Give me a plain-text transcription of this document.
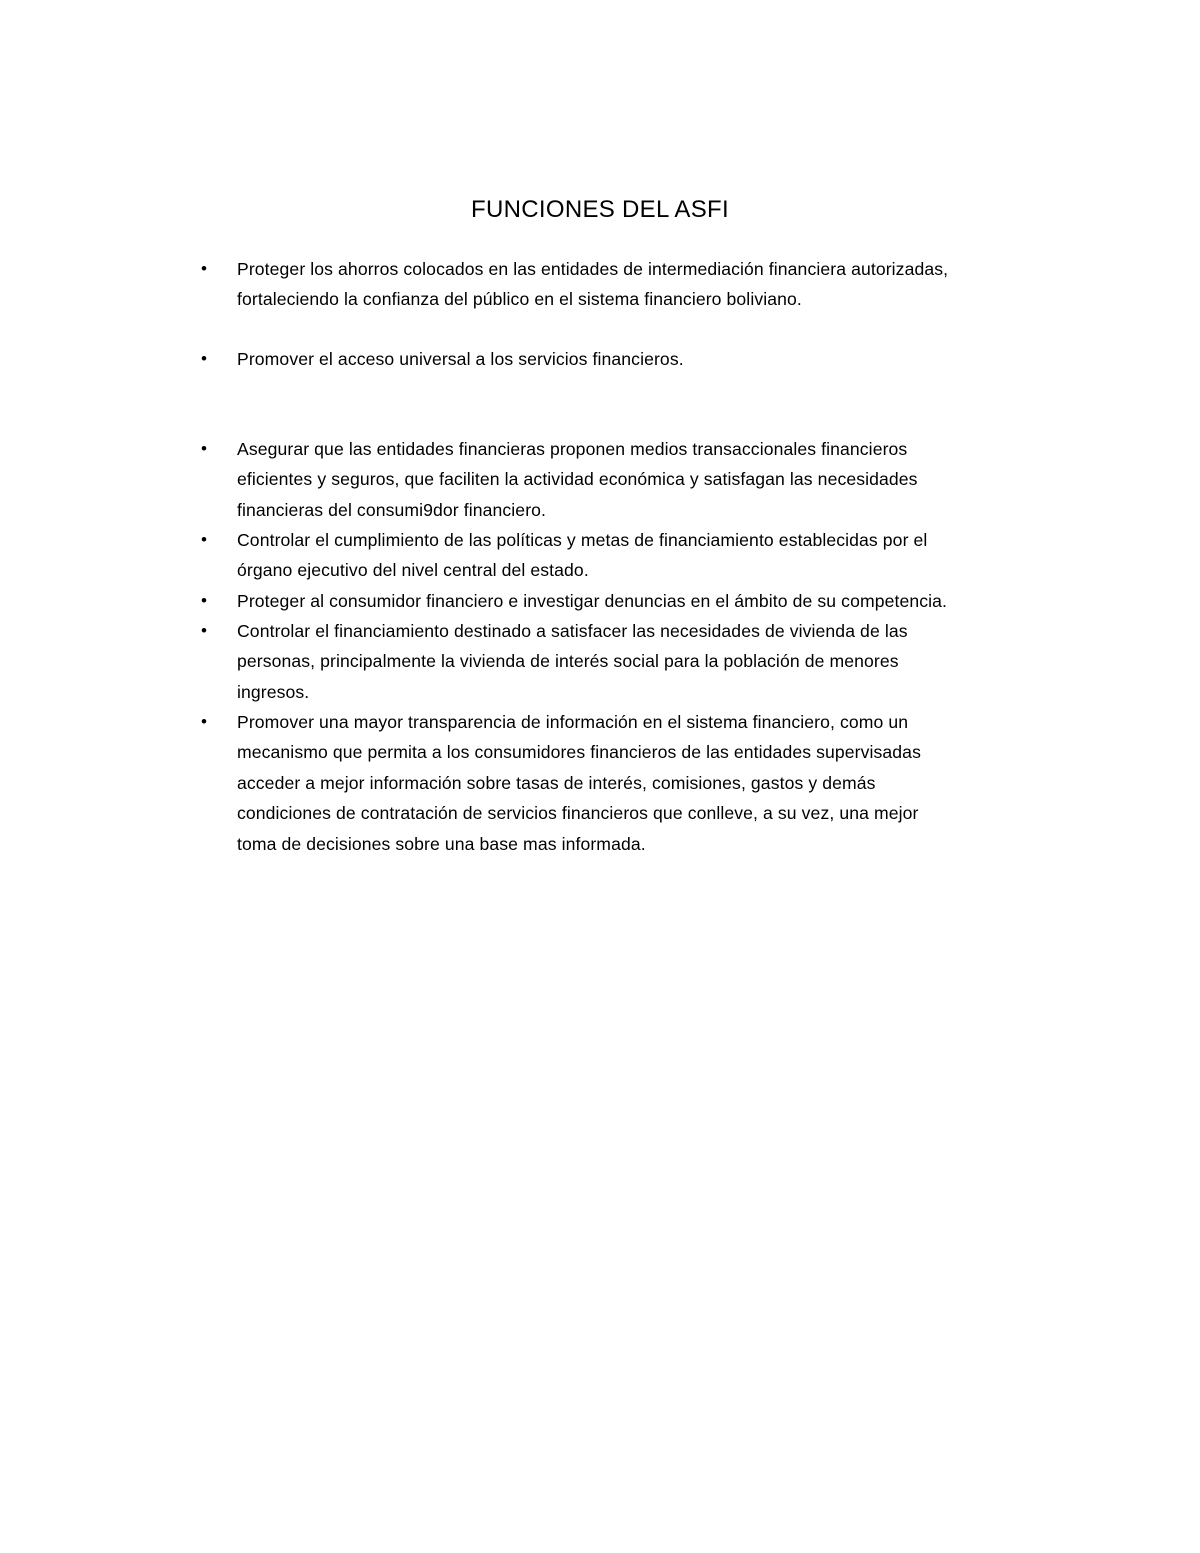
FUNCIONES DEL ASFI
• Proteger los ahorros colocados en las entidades de intermediación financiera autorizadas,
fortaleciendo la confianza del público en el sistema financiero boliviano.
• Promover el acceso universal a los servicios financieros.
• Asegurar que las entidades financieras proponen medios transaccionales financieros
eficientes y seguros, que faciliten la actividad económica y satisfagan las necesidades
financieras del consumi9dor financiero.
• Controlar el cumplimiento de las políticas y metas de financiamiento establecidas por el
órgano ejecutivo del nivel central del estado.
• Proteger al consumidor financiero e investigar denuncias en el ámbito de su competencia.
• Controlar el financiamiento destinado a satisfacer las necesidades de vivienda de las
personas, principalmente la vivienda de interés social para la población de menores
ingresos.
• Promover una mayor transparencia de información en el sistema financiero, como un
mecanismo que permita a los consumidores financieros de las entidades supervisadas
acceder a mejor información sobre tasas de interés, comisiones, gastos y demás
condiciones de contratación de servicios financieros que conlleve, a su vez, una mejor
toma de decisiones sobre una base mas informada.
